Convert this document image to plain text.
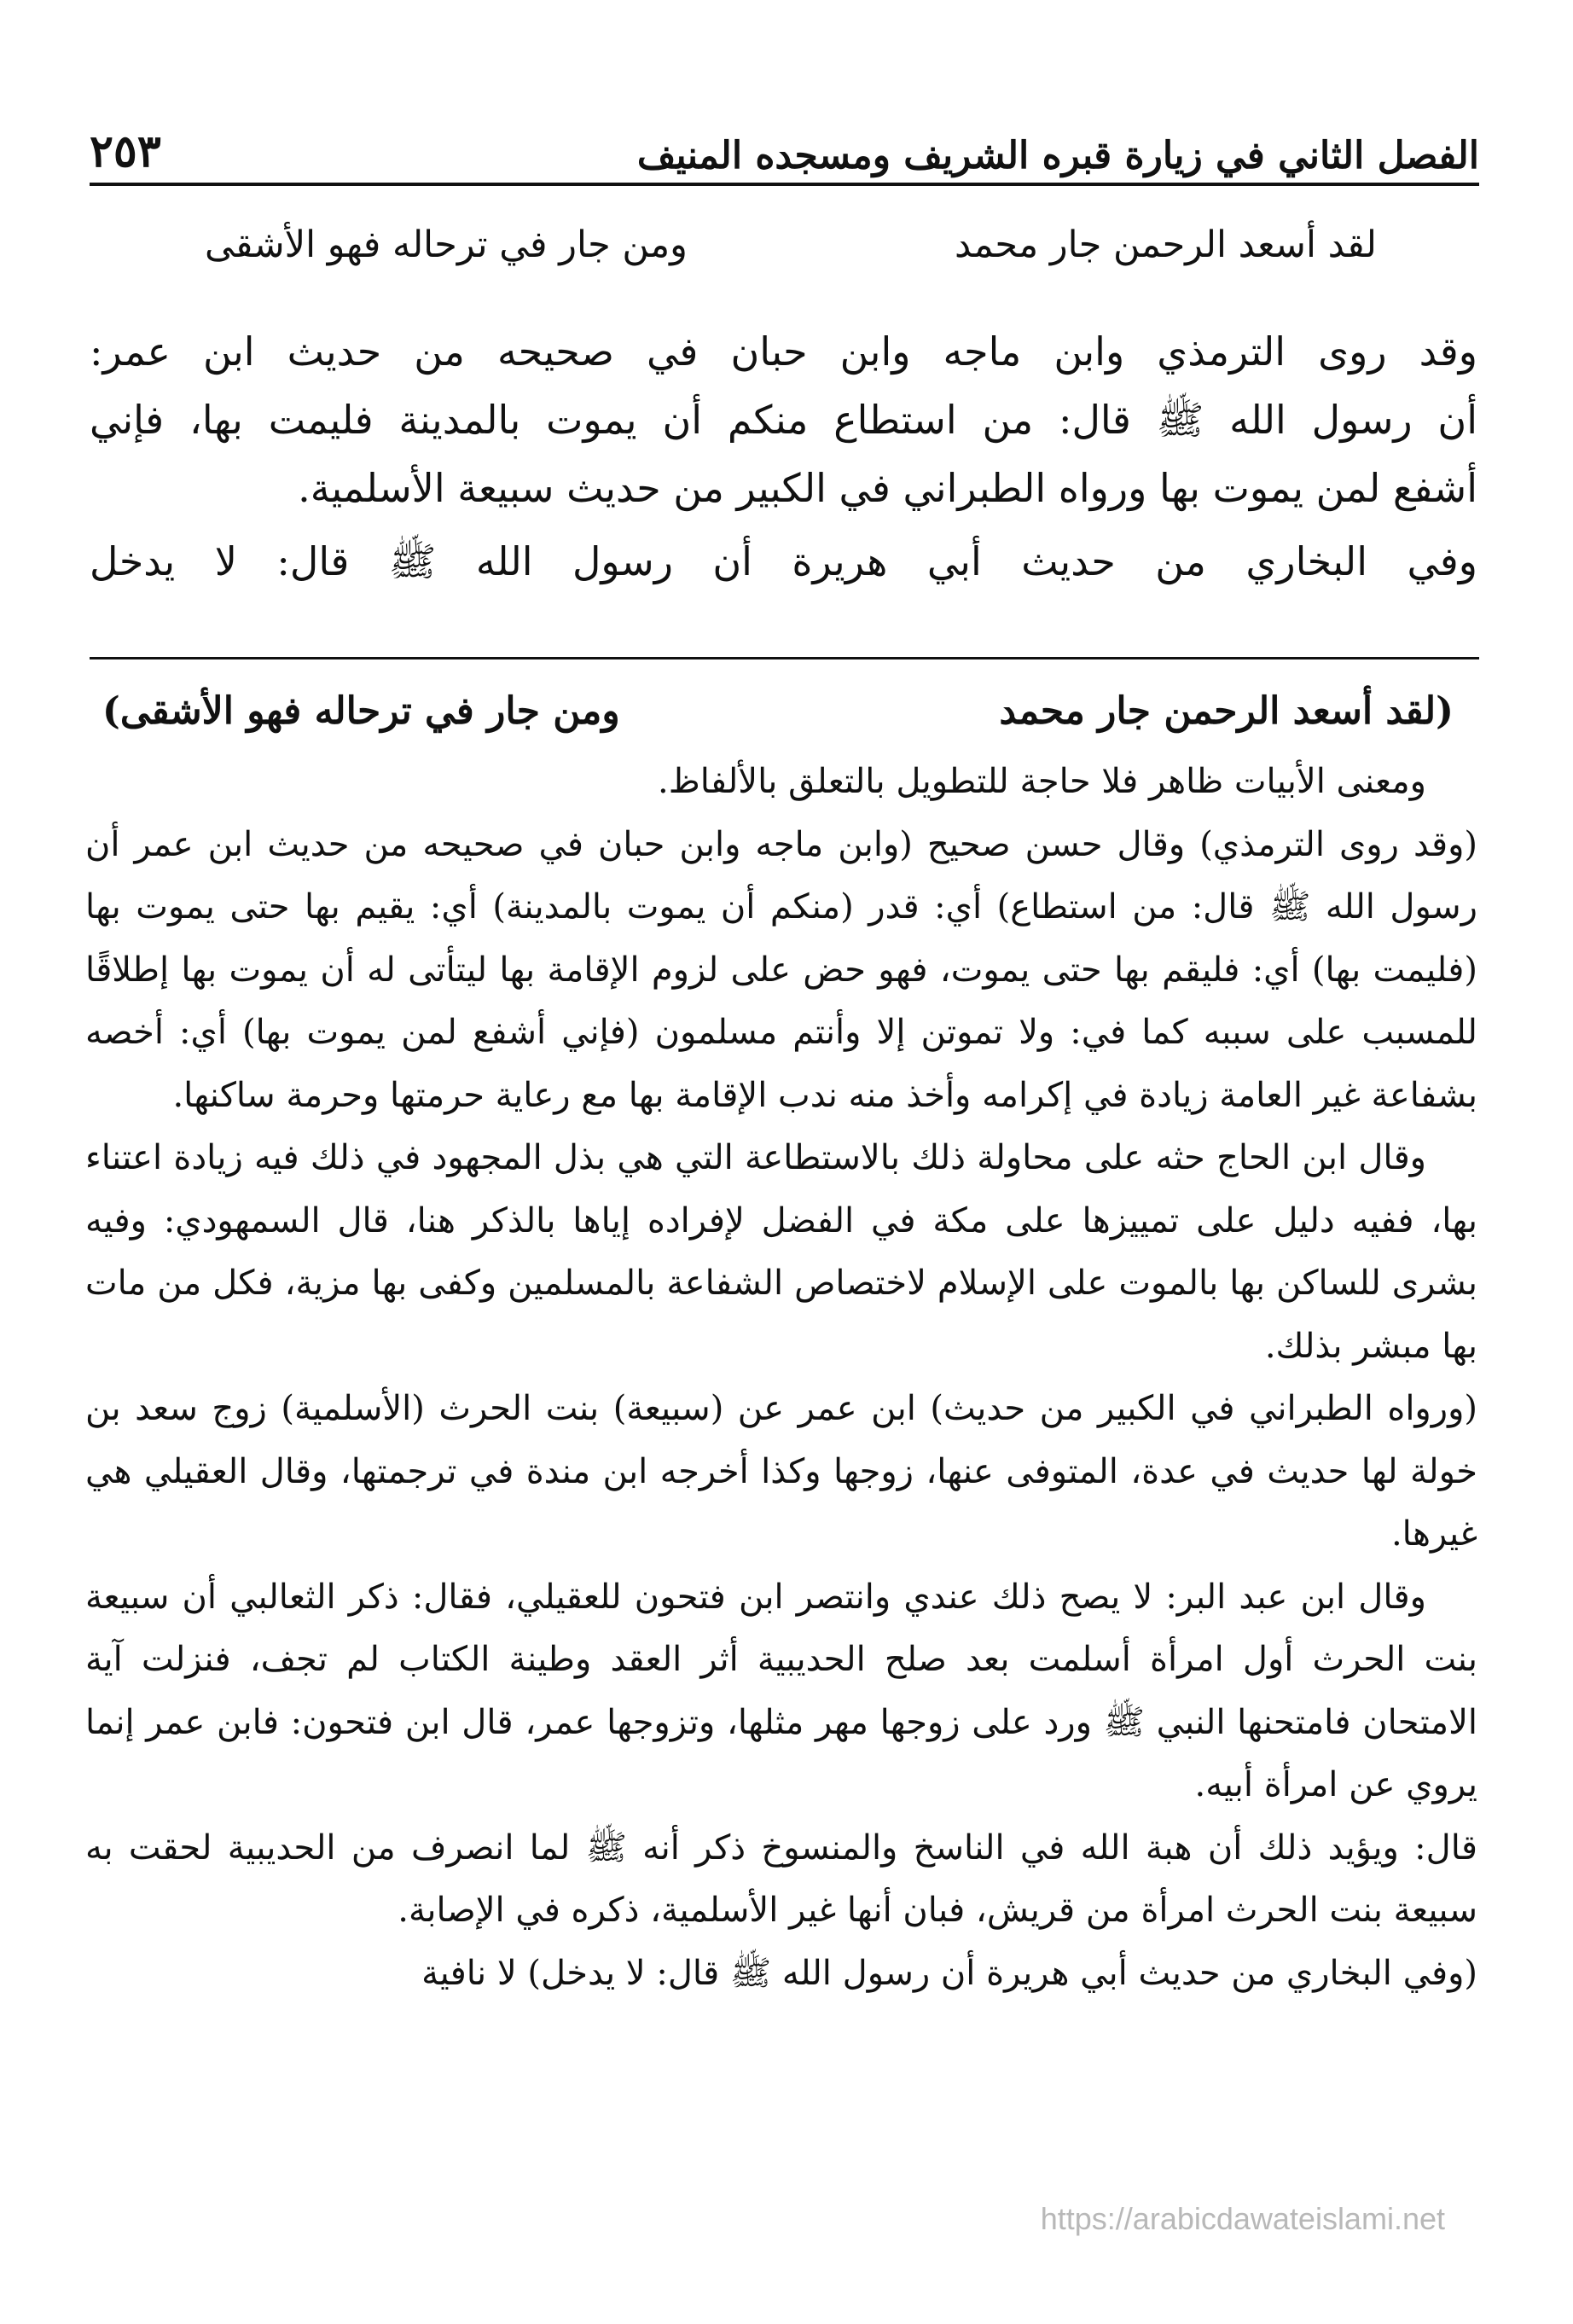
الفصل الثاني في زيارة قبره الشريف ومسجده المنيف
٢٥٣
لقد أسعد الرحمن جار محمد
ومن جار في ترحاله فهو الأشقى

وقد روى الترمذي وابن ماجه وابن حبان في صحيحه من حديث ابن عمر:

أن رسول الله ﷺ قال: من استطاع منكم أن يموت بالمدينة فليمت بها، فإني

أشفع لمن يموت بها ورواه الطبراني في الكبير من حديث سبيعة الأسلمية.

وفي البخاري من حديث أبي هريرة أن رسول الله ﷺ قال: لا يدخل

(لقد أسعد الرحمن جار محمد
ومن جار في ترحاله فهو الأشقى)

ومعنى الأبيات ظاهر فلا حاجة للتطويل بالتعلق بالألفاظ.

(وقد روى الترمذي) وقال حسن صحيح (وابن ماجه وابن حبان في صحيحه من حديث ابن عمر أن رسول الله ﷺ قال: من استطاع) أي: قدر (منكم أن يموت بالمدينة) أي: يقيم بها حتى يموت بها (فليمت بها) أي: فليقم بها حتى يموت، فهو حض على لزوم الإقامة بها ليتأتى له أن يموت بها إطلاقًا للمسبب على سببه كما في: ولا تموتن إلا وأنتم مسلمون (فإني أشفع لمن يموت بها) أي: أخصه بشفاعة غير العامة زيادة في إكرامه وأخذ منه ندب الإقامة بها مع رعاية حرمتها وحرمة ساكنها.

وقال ابن الحاج حثه على محاولة ذلك بالاستطاعة التي هي بذل المجهود في ذلك فيه زيادة اعتناء بها، ففيه دليل على تمييزها على مكة في الفضل لإفراده إياها بالذكر هنا، قال السمهودي: وفيه بشرى للساكن بها بالموت على الإسلام لاختصاص الشفاعة بالمسلمين وكفى بها مزية، فكل من مات بها مبشر بذلك.

(ورواه الطبراني في الكبير من حديث) ابن عمر عن (سبيعة) بنت الحرث (الأسلمية) زوج سعد بن خولة لها حديث في عدة، المتوفى عنها، زوجها وكذا أخرجه ابن مندة في ترجمتها، وقال العقيلي هي غيرها.

وقال ابن عبد البر: لا يصح ذلك عندي وانتصر ابن فتحون للعقيلي، فقال: ذكر الثعالبي أن سبيعة بنت الحرث أول امرأة أسلمت بعد صلح الحديبية أثر العقد وطينة الكتاب لم تجف، فنزلت آية الامتحان فامتحنها النبي ﷺ ورد على زوجها مهر مثلها، وتزوجها عمر، قال ابن فتحون: فابن عمر إنما يروي عن امرأة أبيه.

قال: ويؤيد ذلك أن هبة الله في الناسخ والمنسوخ ذكر أنه ﷺ لما انصرف من الحديبية لحقت به سبيعة بنت الحرث امرأة من قريش، فبان أنها غير الأسلمية، ذكره في الإصابة.

(وفي البخاري من حديث أبي هريرة أن رسول الله ﷺ قال: لا يدخل) لا نافية

https://arabicdawateislami.net
